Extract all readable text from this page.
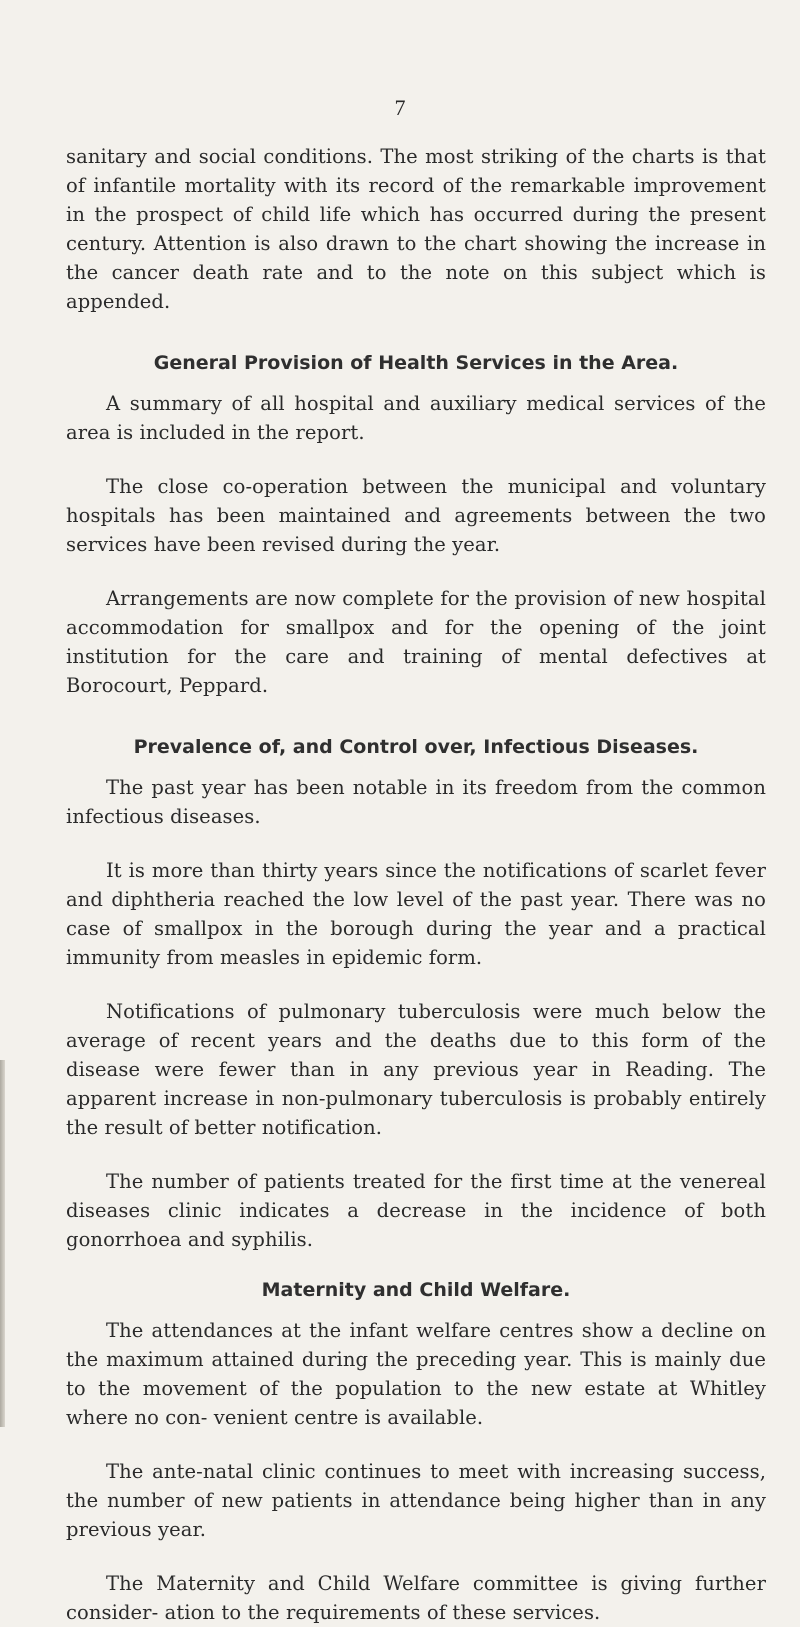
7

sanitary and social conditions. The most striking of the charts is that of infantile mortality with its record of the remarkable improvement in the prospect of child life which has occurred during the present century. Attention is also drawn to the chart showing the increase in the cancer death rate and to the note on this subject which is appended.

General Provision of Health Services in the Area.

A summary of all hospital and auxiliary medical services of the area is included in the report.

The close co-operation between the municipal and voluntary hospitals has been maintained and agreements between the two services have been revised during the year.

Arrangements are now complete for the provision of new hospital accommodation for smallpox and for the opening of the joint institution for the care and training of mental defectives at Borocourt, Peppard.

Prevalence of, and Control over, Infectious Diseases.

The past year has been notable in its freedom from the common infectious diseases.

It is more than thirty years since the notifications of scarlet fever and diphtheria reached the low level of the past year. There was no case of smallpox in the borough during the year and a practical immunity from measles in epidemic form.

Notifications of pulmonary tuberculosis were much below the average of recent years and the deaths due to this form of the disease were fewer than in any previous year in Reading. The apparent increase in non-pulmonary tuberculosis is probably entirely the result of better notification.

The number of patients treated for the first time at the venereal diseases clinic indicates a decrease in the incidence of both gonorrhoea and syphilis.

Maternity and Child Welfare.

The attendances at the infant welfare centres show a decline on the maximum attained during the preceding year. This is mainly due to the movement of the population to the new estate at Whitley where no con- venient centre is available.

The ante-natal clinic continues to meet with increasing success, the number of new patients in attendance being higher than in any previous year.

The Maternity and Child Welfare committee is giving further consider- ation to the requirements of these services.
